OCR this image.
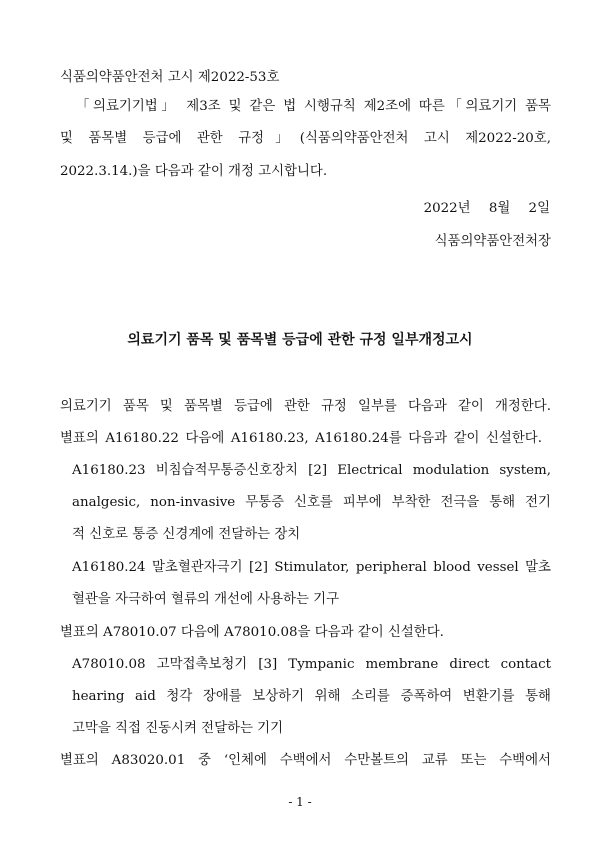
식품의약품안전처 고시 제2022-53호
「의료기기법」 제3조 및 같은 법 시행규칙 제2조에 따른「의료기기 품목
및 품목별 등급에 관한 규정」(식품의약품안전처 고시 제2022-20호,
2022.3.14.)을 다음과 같이 개정 고시합니다.
2022년 8월 2일
식품의약품안전처장
의료기기 품목 및 품목별 등급에 관한 규정 일부개정고시
의료기기 품목 및 품목별 등급에 관한 규정 일부를 다음과 같이 개정한다.
별표의 A16180.22 다음에 A16180.23, A16180.24를 다음과 같이 신설한다.
A16180.23 비침습적무통증신호장치 [2] Electrical modulation system,
analgesic, non-invasive 무통증 신호를 피부에 부착한 전극을 통해 전기
적 신호로 통증 신경계에 전달하는 장치
A16180.24 말초혈관자극기 [2] Stimulator, peripheral blood vessel 말초
혈관을 자극하여 혈류의 개선에 사용하는 기구
별표의 A78010.07 다음에 A78010.08을 다음과 같이 신설한다.
A78010.08 고막접촉보청기 [3] Tympanic membrane direct contact
hearing aid 청각 장애를 보상하기 위해 소리를 증폭하여 변환기를 통해
고막을 직접 진동시켜 전달하는 기기
별표의 A83020.01 중 ‘인체에 수백에서 수만볼트의 교류 또는 수백에서
- 1 -
